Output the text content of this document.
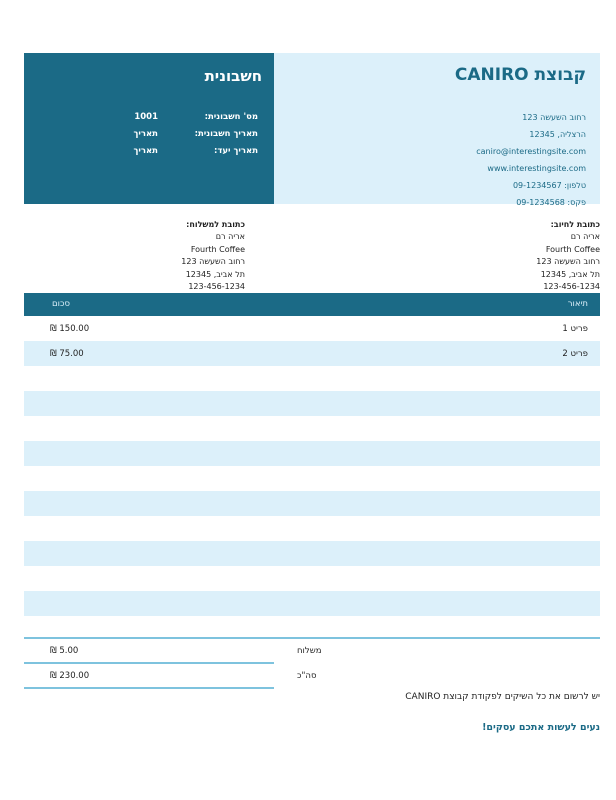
חשבונית
מס' חשבונית:
1001
תאריך חשבונית:
תאריך
תאריך יעד:
תאריך
קבוצת CANIRO
רחוב השעשה 123
הרצליה, 12345
caniro@interestingsite.com
www.interestingsite.com
טלפון: 09-1234567
פקס: 09-1234568
כתובת לחיוב:
אריה רם
Fourth Coffee
רחוב השעשה 123
תל אביב, 12345
123-456-1234
כתובת למשלוח:
אריה רם
Fourth Coffee
רחוב השעשה 123
תל אביב, 12345
123-456-1234
תיאור
סכום
פריט 1
150.00 ₪
פריט 2
75.00 ₪
5.00 ₪	משלוח
230.00 ₪	סה"כ
יש לרשום את כל השיקים לפקודת קבוצת CANIRO
נעים לעשות אתכם עסקים!
